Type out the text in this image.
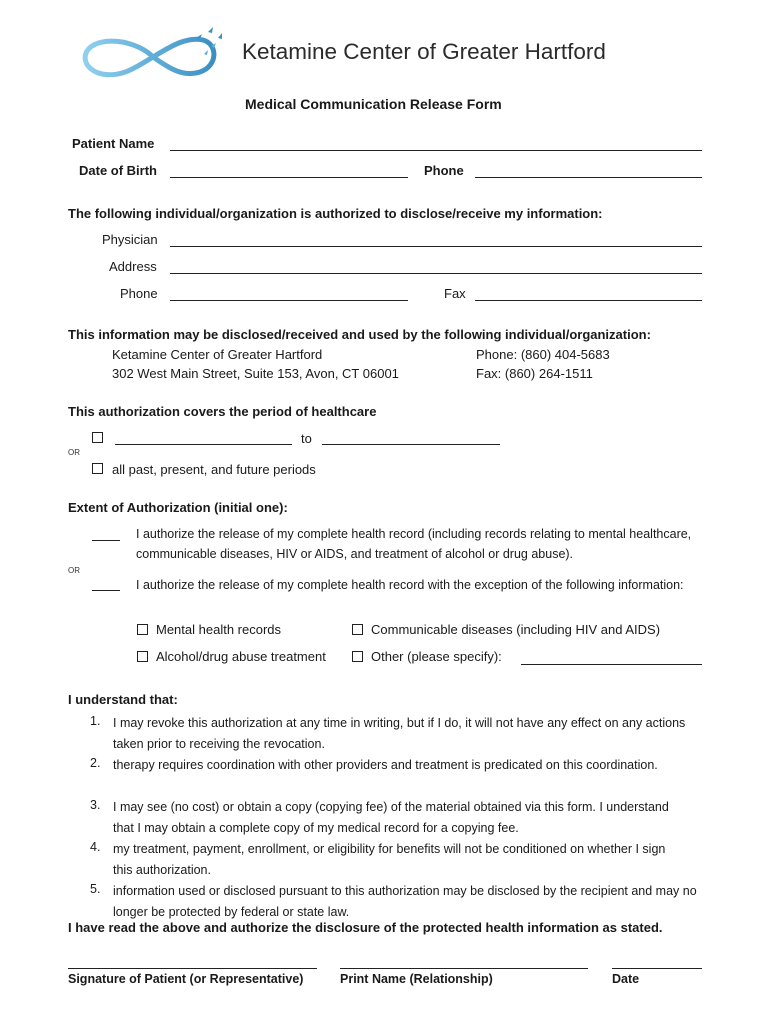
Ketamine Center of Greater Hartford
Medical Communication Release Form
Patient Name
Date of Birth	Phone
The following individual/organization is authorized to disclose/receive my information:
Physician
Address
Phone	Fax
This information may be disclosed/received and used by the following individual/organization:
Ketamine Center of Greater Hartford
302 West Main Street, Suite 153, Avon, CT 06001
Phone: (860) 404-5683
Fax: (860) 264-1511
This authorization covers the period of healthcare
to
OR
all past, present, and future periods
Extent of Authorization (initial one):
I authorize the release of my complete health record (including records relating to mental healthcare, communicable diseases, HIV or AIDS, and treatment of alcohol or drug abuse).
OR
I authorize the release of my complete health record with the exception of the following information:
Mental health records	Communicable diseases (including HIV and AIDS)
Alcohol/drug abuse treatment	Other (please specify):
I understand that:
1. I may revoke this authorization at any time in writing, but if I do, it will not have any effect on any actions taken prior to receiving the revocation.
2. therapy requires coordination with other providers and treatment is predicated on this coordination.
3. I may see (no cost) or obtain a copy (copying fee) of the material obtained via this form. I understand that I may obtain a complete copy of my medical record for a copying fee.
4. my treatment, payment, enrollment, or eligibility for benefits will not be conditioned on whether I sign this authorization.
5. information used or disclosed pursuant to this authorization may be disclosed by the recipient and may no longer be protected by federal or state law.
I have read the above and authorize the disclosure of the protected health information as stated.
Signature of Patient (or Representative)	Print Name (Relationship)	Date
